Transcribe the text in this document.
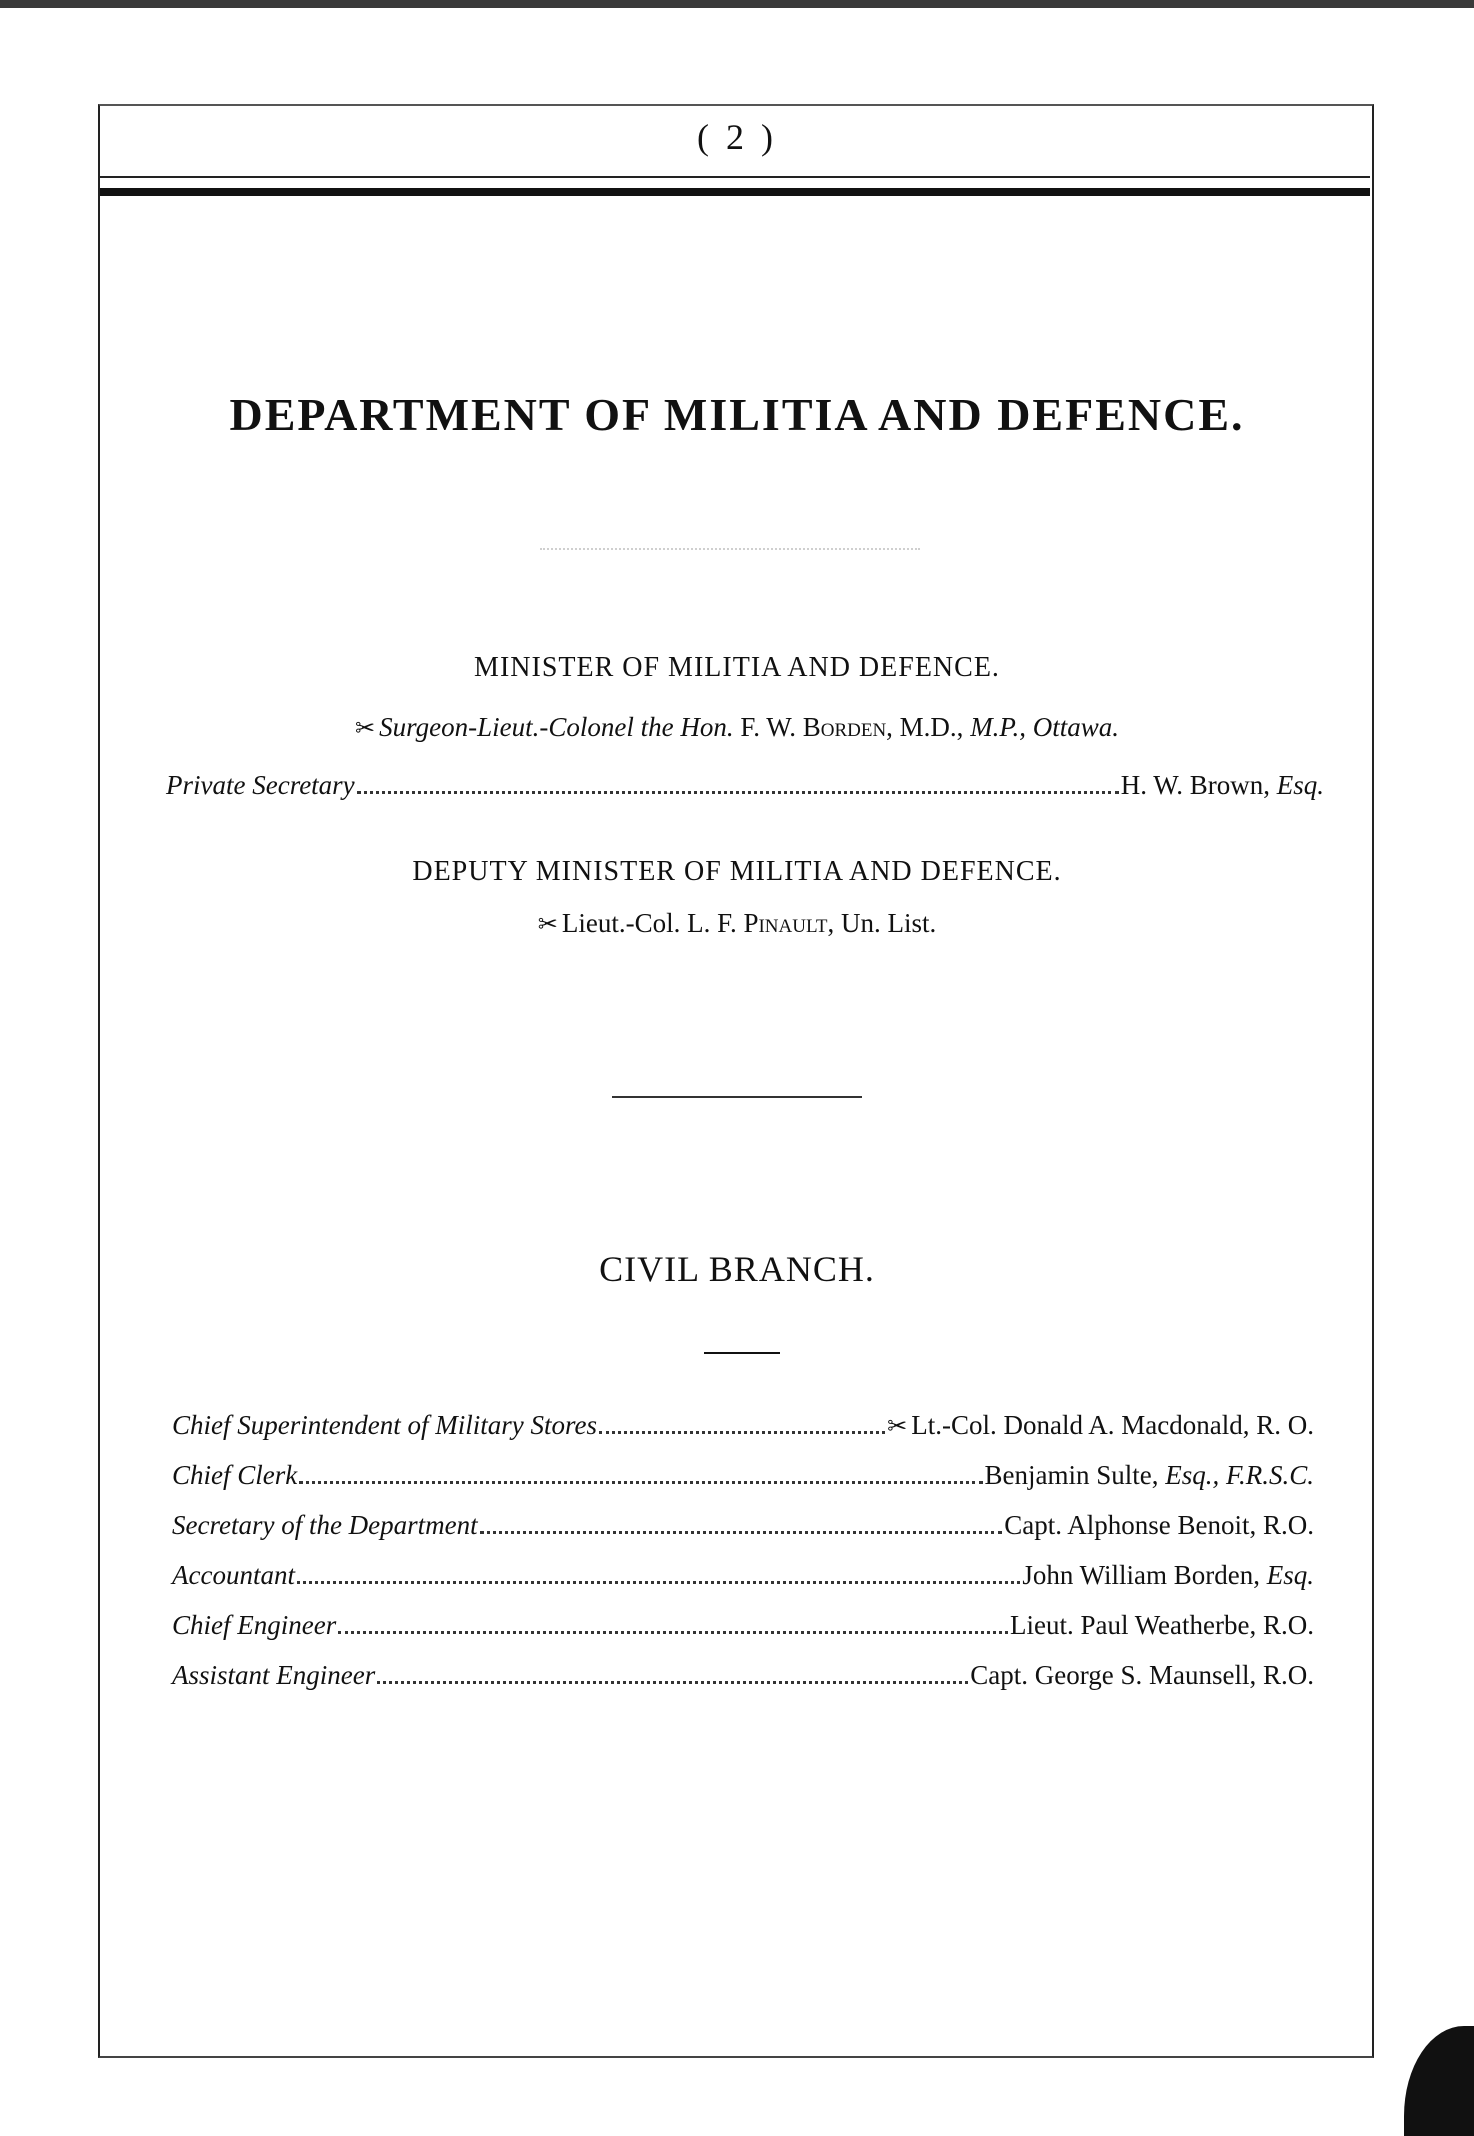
( 2 )
DEPARTMENT OF MILITIA AND DEFENCE.
MINISTER OF MILITIA AND DEFENCE.
✂ Surgeon-Lieut.-Colonel the Hon. F. W. Borden, M.D., M.P., Ottawa.
Private Secretary	H. W. Brown, Esq.
DEPUTY MINISTER OF MILITIA AND DEFENCE.
✂ Lieut.-Col. L. F. Pinault, Un. List.
CIVIL BRANCH.
Chief Superintendent of Military Stores	✂ Lt.-Col. Donald A. Macdonald, R. O.
Chief Clerk	Benjamin Sulte, Esq., F.R.S.C.
Secretary of the Department	Capt. Alphonse Benoit, R.O.
Accountant	John William Borden, Esq.
Chief Engineer	Lieut. Paul Weatherbe, R.O.
Assistant Engineer	Capt. George S. Maunsell, R.O.
